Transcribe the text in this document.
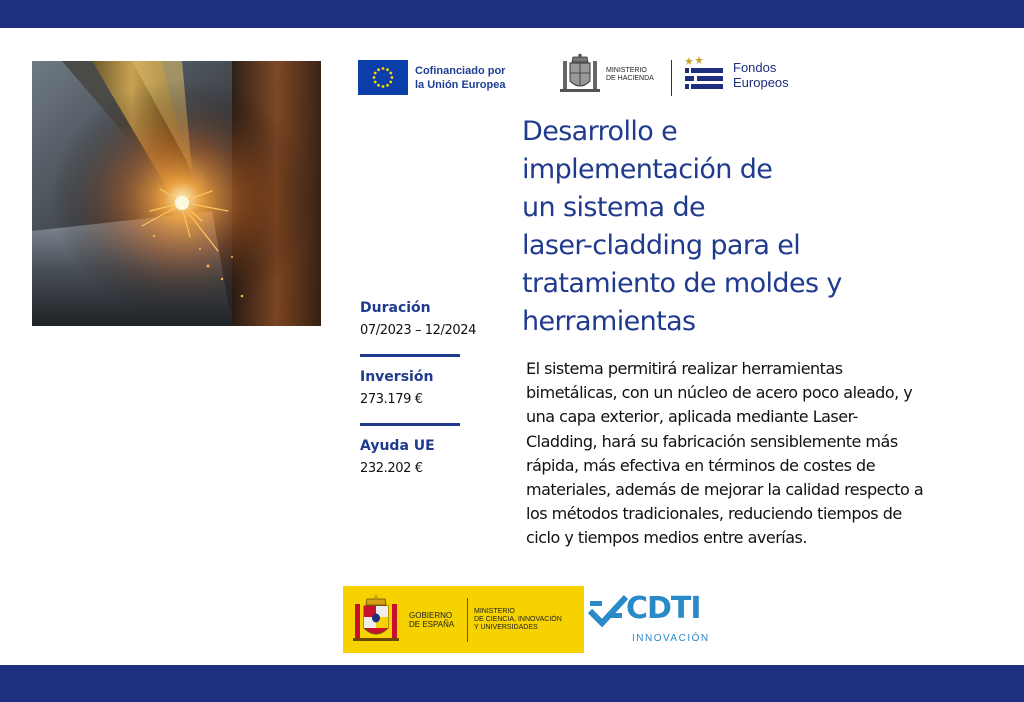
Cofinanciado por
la Unión Europea
MINISTERIO
DE HACIENDA
Fondos
Europeos
Desarrollo e
implementación de
un sistema de
laser-cladding para el
tratamiento de moldes y
herramientas

El sistema permitirá realizar herramientas bimetálicas, con un núcleo de acero poco aleado, y una capa exterior, aplicada mediante Laser-Cladding, hará su fabricación sensiblemente más rápida, más efectiva en términos de costes de materiales, además de mejorar la calidad respecto a los métodos tradicionales, reduciendo tiempos de ciclo y tiempos medios entre averías.

Duración
07/2023 – 12/2024
Inversión
273.179 €
Ayuda UE
232.202 €
GOBIERNO
DE ESPAÑA
MINISTERIO
DE CIENCIA, INNOVACIÓN
Y UNIVERSIDADES
CDTI
INNOVACIÓN
